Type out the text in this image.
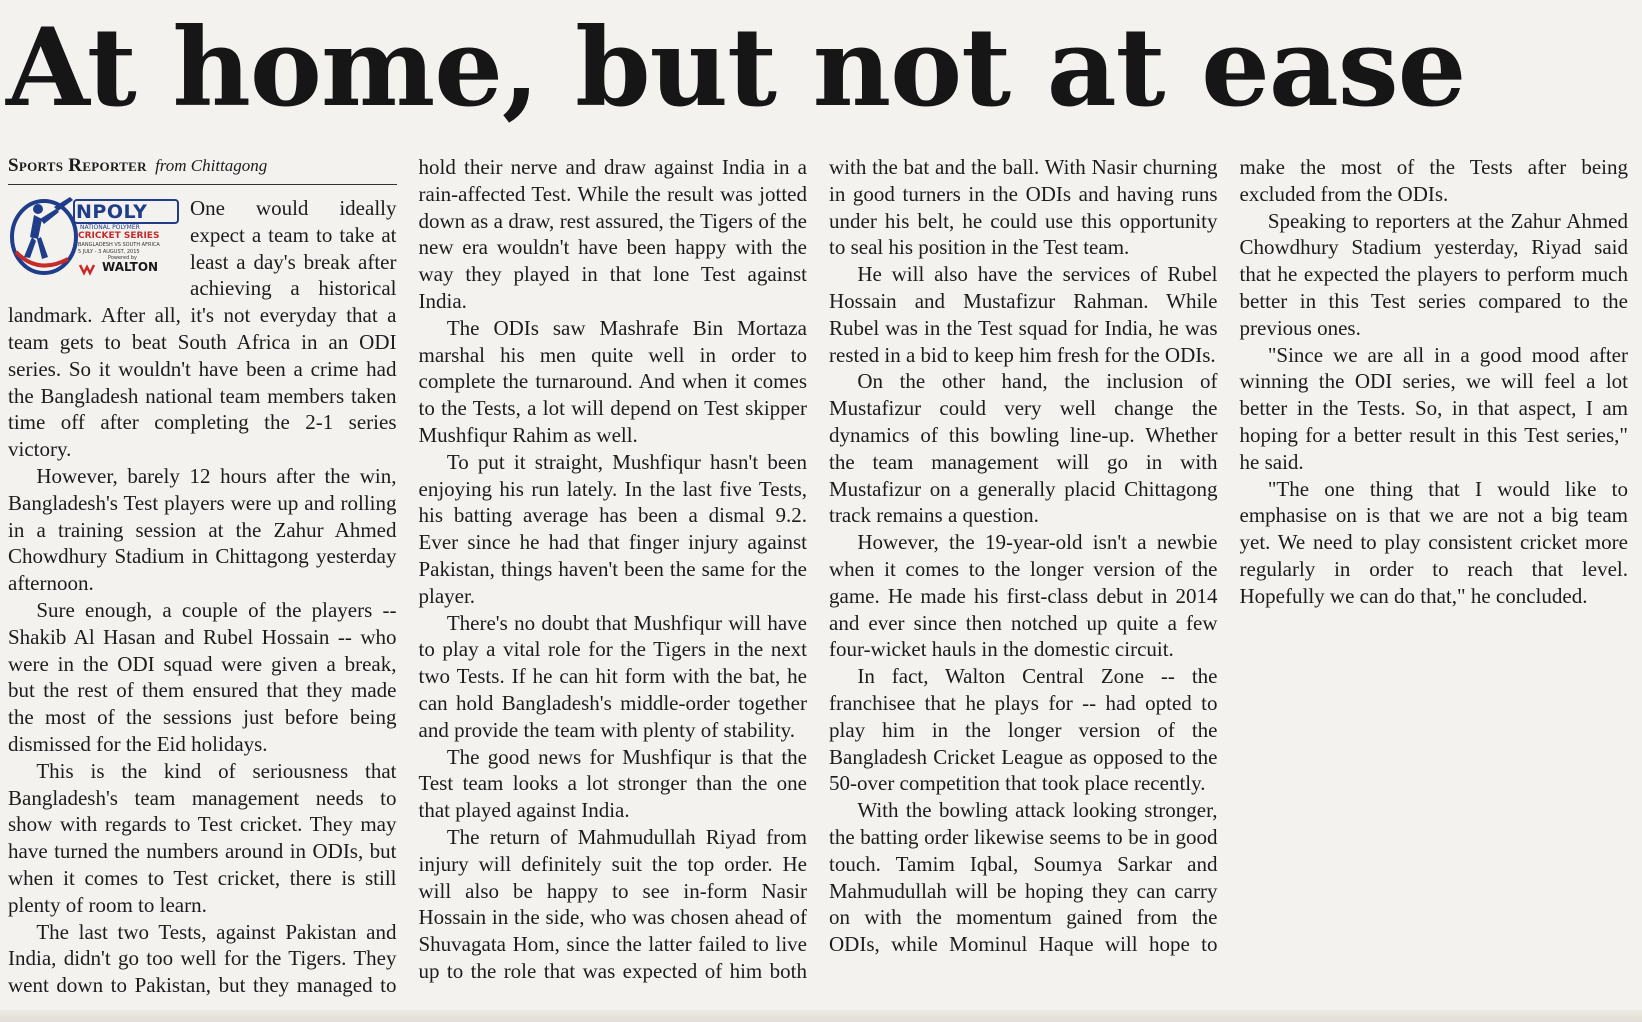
At home, but not at ease
Sports Reporter from Chittagong
NPOLY
NATIONAL POLYMER
CRICKET SERIES
BANGLADESH VS SOUTH AFRICA
5 JULY - 3 AUGUST, 2015
Powered by
WALTON

One would ideally expect a team to take at least a day's break after achieving a historical landmark. After all, it's not everyday that a team gets to beat South Africa in an ODI series. So it wouldn't have been a crime had the Bangladesh national team members taken time off after completing the 2-1 series victory.

However, barely 12 hours after the win, Bangladesh's Test players were up and rolling in a training session at the Zahur Ahmed Chowdhury Stadium in Chittagong yesterday afternoon.

Sure enough, a couple of the players -- Shakib Al Hasan and Rubel Hossain -- who were in the ODI squad were given a break, but the rest of them ensured that they made the most of the sessions just before being dismissed for the Eid holidays.

This is the kind of seriousness that Bangladesh's team management needs to show with regards to Test cricket. They may have turned the numbers around in ODIs, but when it comes to Test cricket, there is still plenty of room to learn.

The last two Tests, against Pakistan and India, didn't go too well for the Tigers. They went down to Pakistan, but they managed to hold their nerve and draw against India in a rain-affected Test. While the result was jotted down as a draw, rest assured, the Tigers of the new era wouldn't have been happy with the way they played in that lone Test against India.

The ODIs saw Mashrafe Bin Mortaza marshal his men quite well in order to complete the turnaround. And when it comes to the Tests, a lot will depend on Test skipper Mushfiqur Rahim as well.

To put it straight, Mushfiqur hasn't been enjoying his run lately. In the last five Tests, his batting average has been a dismal 9.2. Ever since he had that finger injury against Pakistan, things haven't been the same for the player.

There's no doubt that Mushfiqur will have to play a vital role for the Tigers in the next two Tests. If he can hit form with the bat, he can hold Bangladesh's middle-order together and provide the team with plenty of stability.

The good news for Mushfiqur is that the Test team looks a lot stronger than the one that played against India.

The return of Mahmudullah Riyad from injury will definitely suit the top order. He will also be happy to see in-form Nasir Hossain in the side, who was chosen ahead of Shuvagata Hom, since the latter failed to live up to the role that was expected of him both with the bat and the ball. With Nasir churning in good turners in the ODIs and having runs under his belt, he could use this opportunity to seal his position in the Test team.

He will also have the services of Rubel Hossain and Mustafizur Rahman. While Rubel was in the Test squad for India, he was rested in a bid to keep him fresh for the ODIs.

On the other hand, the inclusion of Mustafizur could very well change the dynamics of this bowling line-up. Whether the team management will go in with Mustafizur on a generally placid Chittagong track remains a question.

However, the 19-year-old isn't a newbie when it comes to the longer version of the game. He made his first-class debut in 2014 and ever since then notched up quite a few four-wicket hauls in the domestic circuit.

In fact, Walton Central Zone -- the franchisee that he plays for -- had opted to play him in the longer version of the Bangladesh Cricket League as opposed to the 50-over competition that took place recently.

With the bowling attack looking stronger, the batting order likewise seems to be in good touch. Tamim Iqbal, Soumya Sarkar and Mahmudullah will be hoping they can carry on with the momentum gained from the ODIs, while Mominul Haque will hope to make the most of the Tests after being excluded from the ODIs.

Speaking to reporters at the Zahur Ahmed Chowdhury Stadium yesterday, Riyad said that he expected the players to perform much better in this Test series compared to the previous ones.

"Since we are all in a good mood after winning the ODI series, we will feel a lot better in the Tests. So, in that aspect, I am hoping for a better result in this Test series," he said.

"The one thing that I would like to emphasise on is that we are not a big team yet. We need to play consistent cricket more regularly in order to reach that level. Hopefully we can do that," he concluded.
